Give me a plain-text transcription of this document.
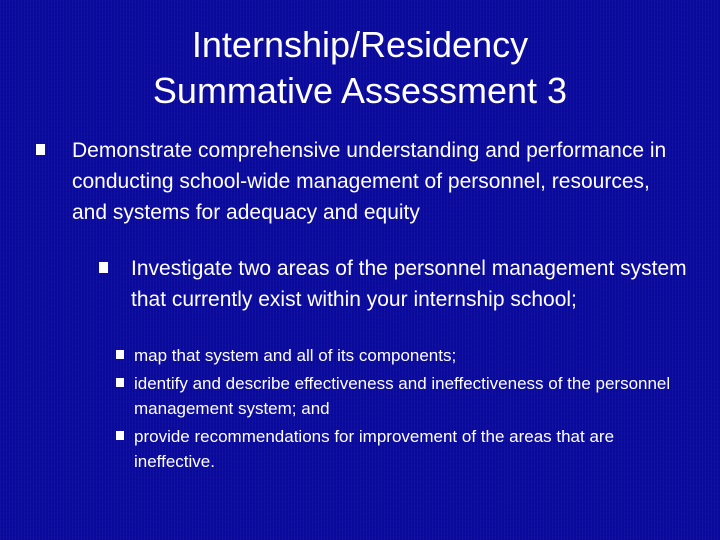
Internship/Residency
Summative Assessment 3
Demonstrate comprehensive understanding and performance in conducting school-wide management of personnel, resources, and systems for adequacy and equity
Investigate two areas of the personnel management system that currently exist within your internship school;
map that system and all of its components;
identify and describe effectiveness and ineffectiveness of the personnel management system; and
provide recommendations for improvement of the areas that are ineffective.
